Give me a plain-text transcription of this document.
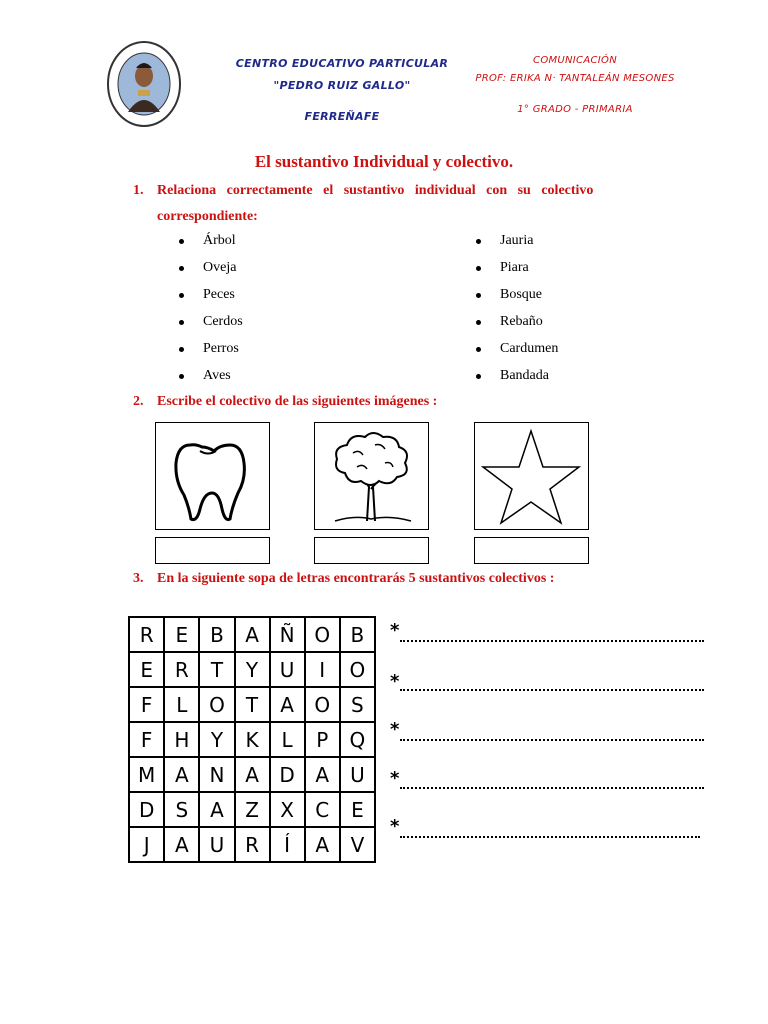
CENTRO EDUCATIVO PARTICULAR
"PEDRO RUIZ GALLO"
FERREÑAFE
COMUNICACIÓN
PROF: ERIKA N· TANTALEÁN MESONES
1° GRADO - PRIMARIA
El sustantivo Individual y colectivo.
1. Relaciona   correctamente   el   sustantivo   individual   con   su   colectivo
correspondiente:
Árbol
Oveja
Peces
Cerdos
Perros
Aves
Jauria
Piara
Bosque
Rebaño
Cardumen
Bandada
2. Escribe el colectivo de las siguientes imágenes :
3. En la siguiente sopa de letras encontrarás 5 sustantivos colectivos :
R	E	B	A	Ñ	O	B
E	R	T	Y	U	I	O
F	L	O	T	A	O	S
F	H	Y	K	L	P	Q
M	A	N	A	D	A	U
D	S	A	Z	X	C	E
J	A	U	R	Í	A	V
*
*
*
*
*
